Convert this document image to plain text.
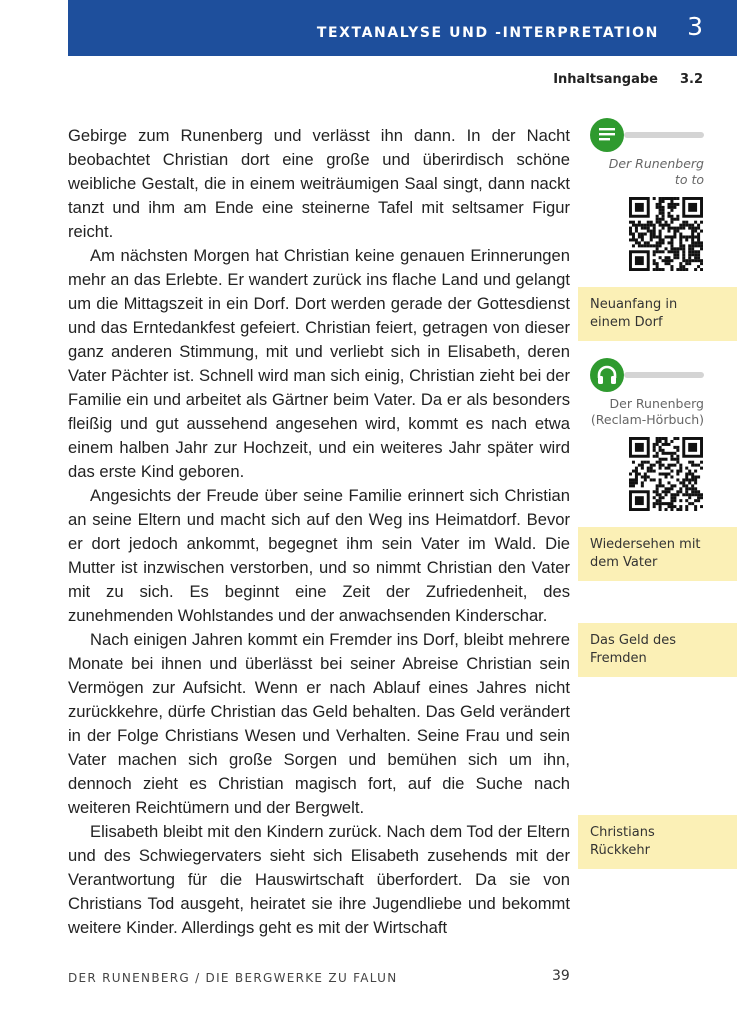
TEXTANALYSE UND -INTERPRETATION 3
Inhaltsangabe 3.2

Gebirge zum Runenberg und verlässt ihn dann. In der Nacht beobachtet Christian dort eine große und überirdisch schöne weibliche Gestalt, die in einem weiträumigen Saal singt, dann nackt tanzt und ihm am Ende eine steinerne Tafel mit seltsamer Figur reicht.

Am nächsten Morgen hat Christian keine genauen Erinnerungen mehr an das Erlebte. Er wandert zurück ins flache Land und gelangt um die Mittagszeit in ein Dorf. Dort werden gerade der Gottesdienst und das Erntedankfest gefeiert. Christian feiert, getragen von dieser ganz anderen Stimmung, mit und verliebt sich in Elisabeth, deren Vater Pächter ist. Schnell wird man sich einig, Christian zieht bei der Familie ein und arbeitet als Gärtner beim Vater. Da er als besonders fleißig und gut aussehend angesehen wird, kommt es nach etwa einem halben Jahr zur Hochzeit, und ein weiteres Jahr später wird das erste Kind geboren.

Angesichts der Freude über seine Familie erinnert sich Christian an seine Eltern und macht sich auf den Weg ins Heimatdorf. Bevor er dort jedoch ankommt, begegnet ihm sein Vater im Wald. Die Mutter ist inzwischen verstorben, und so nimmt Christian den Vater mit zu sich. Es beginnt eine Zeit der Zufriedenheit, des zunehmenden Wohlstandes und der anwachsenden Kinderschar.

Nach einigen Jahren kommt ein Fremder ins Dorf, bleibt mehrere Monate bei ihnen und überlässt bei seiner Abreise Christian sein Vermögen zur Aufsicht. Wenn er nach Ablauf eines Jahres nicht zurückkehre, dürfe Christian das Geld behalten. Das Geld verändert in der Folge Christians Wesen und Verhalten. Seine Frau und sein Vater machen sich große Sorgen und bemühen sich um ihn, dennoch zieht es Christian magisch fort, auf die Suche nach weiteren Reichtümern und der Bergwelt.

Elisabeth bleibt mit den Kindern zurück. Nach dem Tod der Eltern und des Schwiegervaters sieht sich Elisabeth zusehends mit der Verantwortung für die Hauswirtschaft überfordert. Da sie von Christians Tod ausgeht, heiratet sie ihre Jugendliebe und bekommt weitere Kinder. Allerdings geht es mit der Wirtschaft

Der Runenberg
to to
Neuanfang in
einem Dorf
Der Runenberg
(Reclam-Hörbuch)
Wiedersehen mit
dem Vater
Das Geld des
Fremden
Christians
Rückkehr
DER RUNENBERG / DIE BERGWERKE ZU FALUN	39
